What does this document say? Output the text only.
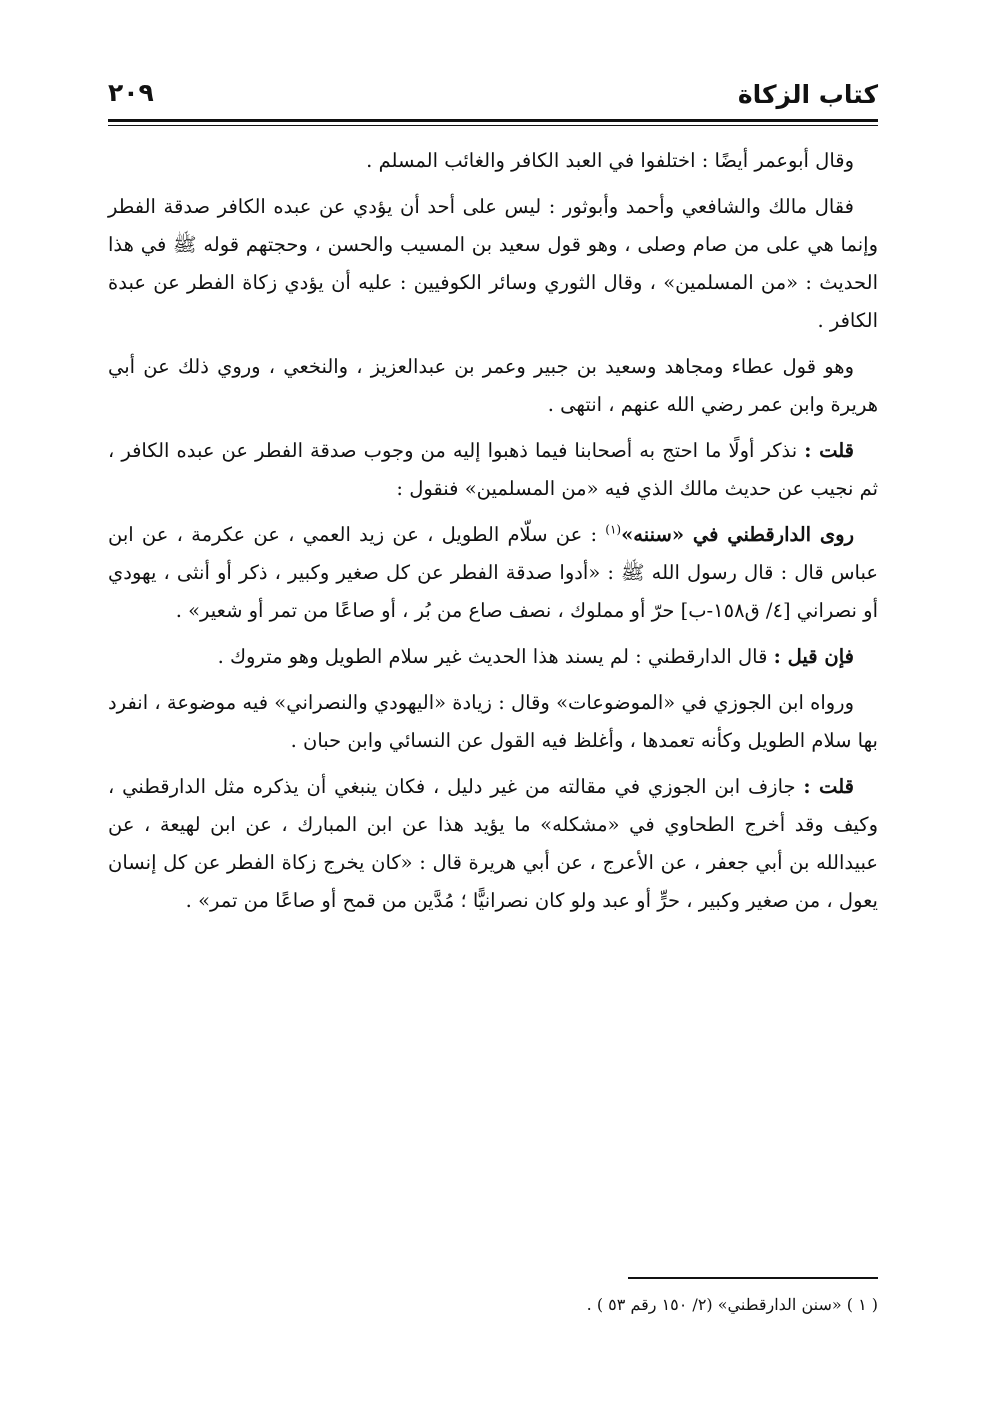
كتاب الزكاة
٢٠٩

وقال أبوعمر أيضًا : اختلفوا في العبد الكافر والغائب المسلم .

فقال مالك والشافعي وأحمد وأبوثور : ليس على أحد أن يؤدي عن عبده الكافر صدقة الفطر وإنما هي على من صام وصلى ، وهو قول سعيد بن المسيب والحسن ، وحجتهم قوله ﷺ في هذا الحديث : «من المسلمين» ، وقال الثوري وسائر الكوفيين : عليه أن يؤدي زكاة الفطر عن عبدة الكافر .

وهو قول عطاء ومجاهد وسعيد بن جبير وعمر بن عبدالعزيز ، والنخعي ، وروي ذلك عن أبي هريرة وابن عمر رضي الله عنهم ، انتهى .

قلت : نذكر أولًا ما احتج به أصحابنا فيما ذهبوا إليه من وجوب صدقة الفطر عن عبده الكافر ، ثم نجيب عن حديث مالك الذي فيه «من المسلمين» فنقول :

روى الدارقطني في «سننه»$^{(١)}$ : عن سلّام الطويل ، عن زيد العمي ، عن عكرمة ، عن ابن عباس قال : قال رسول الله ﷺ : «أدوا صدقة الفطر عن كل صغير وكبير ، ذكر أو أنثى ، يهودي أو نصراني [٤/ ق١٥٨-ب] حرّ أو مملوك ، نصف صاع من بُر ، أو صاعًا من تمر أو شعير» .

فإن قيل : قال الدارقطني : لم يسند هذا الحديث غير سلام الطويل وهو متروك .

ورواه ابن الجوزي في «الموضوعات» وقال : زيادة «اليهودي والنصراني» فيه موضوعة ، انفرد بها سلام الطويل وكأنه تعمدها ، وأغلظ فيه القول عن النسائي وابن حبان .

قلت : جازف ابن الجوزي في مقالته من غير دليل ، فكان ينبغي أن يذكره مثل الدارقطني ، وكيف وقد أخرج الطحاوي في «مشكله» ما يؤيد هذا عن ابن المبارك ، عن ابن لهيعة ، عن عبيدالله بن أبي جعفر ، عن الأعرج ، عن أبي هريرة قال : «كان يخرج زكاة الفطر عن كل إنسان يعول ، من صغير وكبير ، حرٍّ أو عبد ولو كان نصرانيًّا ؛ مُدَّين من قمح أو صاعًا من تمر» .

( ١ ) «سنن الدارقطني» (٢/ ١٥٠ رقم ٥٣ ) .
